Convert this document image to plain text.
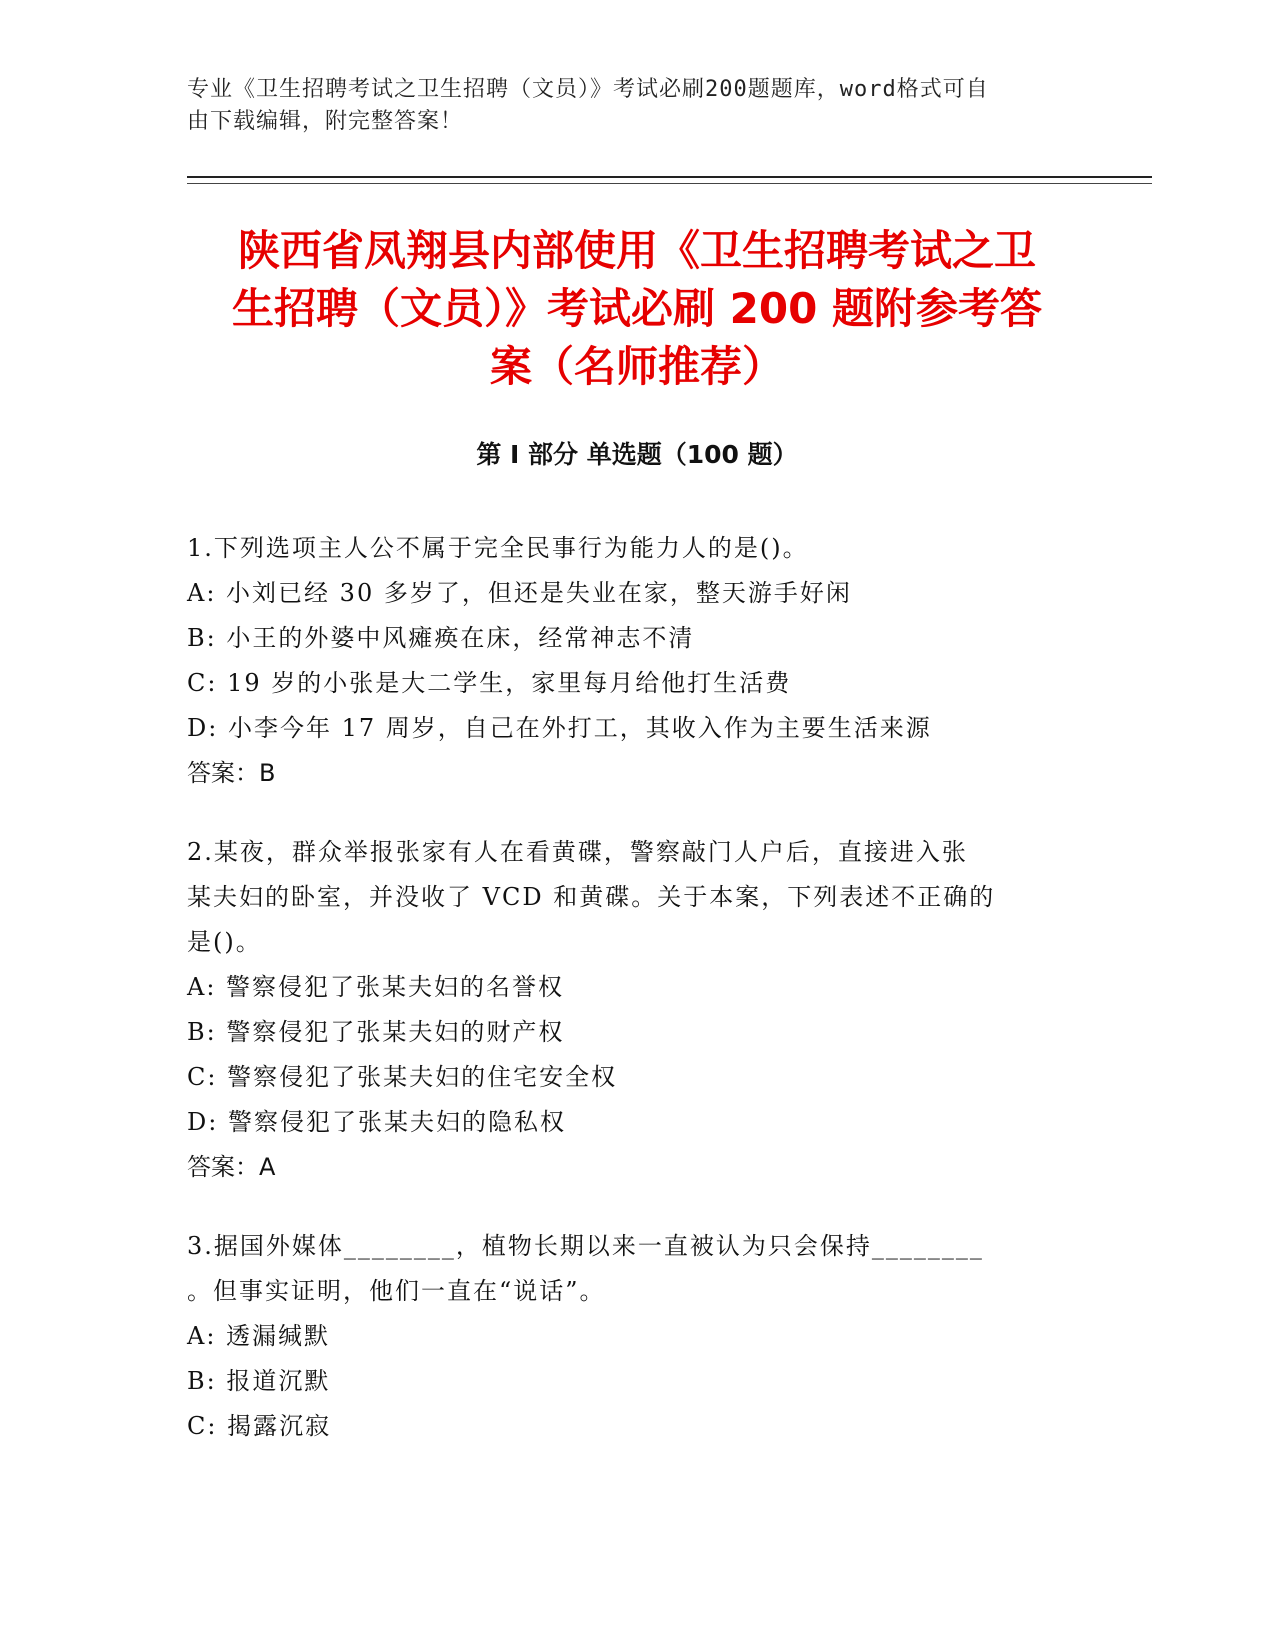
专业《卫生招聘考试之卫生招聘（文员）》考试必刷200题题库，word格式可自
由下载编辑，附完整答案！
陕西省凤翔县内部使用《卫生招聘考试之卫
生招聘（文员）》考试必刷 200 题附参考答
案（名师推荐）
第 I 部分 单选题（100 题）
1.下列选项主人公不属于完全民事行为能力人的是()。
A: 小刘已经 30 多岁了，但还是失业在家，整天游手好闲
B: 小王的外婆中风瘫痪在床，经常神志不清
C: 19 岁的小张是大二学生，家里每月给他打生活费
D: 小李今年 17 周岁，自己在外打工，其收入作为主要生活来源
答案：B
2.某夜，群众举报张家有人在看黄碟，警察敲门人户后，直接进入张
某夫妇的卧室，并没收了 VCD 和黄碟。关于本案，下列表述不正确的
是()。
A: 警察侵犯了张某夫妇的名誉权
B: 警察侵犯了张某夫妇的财产权
C: 警察侵犯了张某夫妇的住宅安全权
D: 警察侵犯了张某夫妇的隐私权
答案：A
3.据国外媒体________，植物长期以来一直被认为只会保持________
。但事实证明，他们一直在“说话”。
A: 透漏缄默
B: 报道沉默
C: 揭露沉寂
